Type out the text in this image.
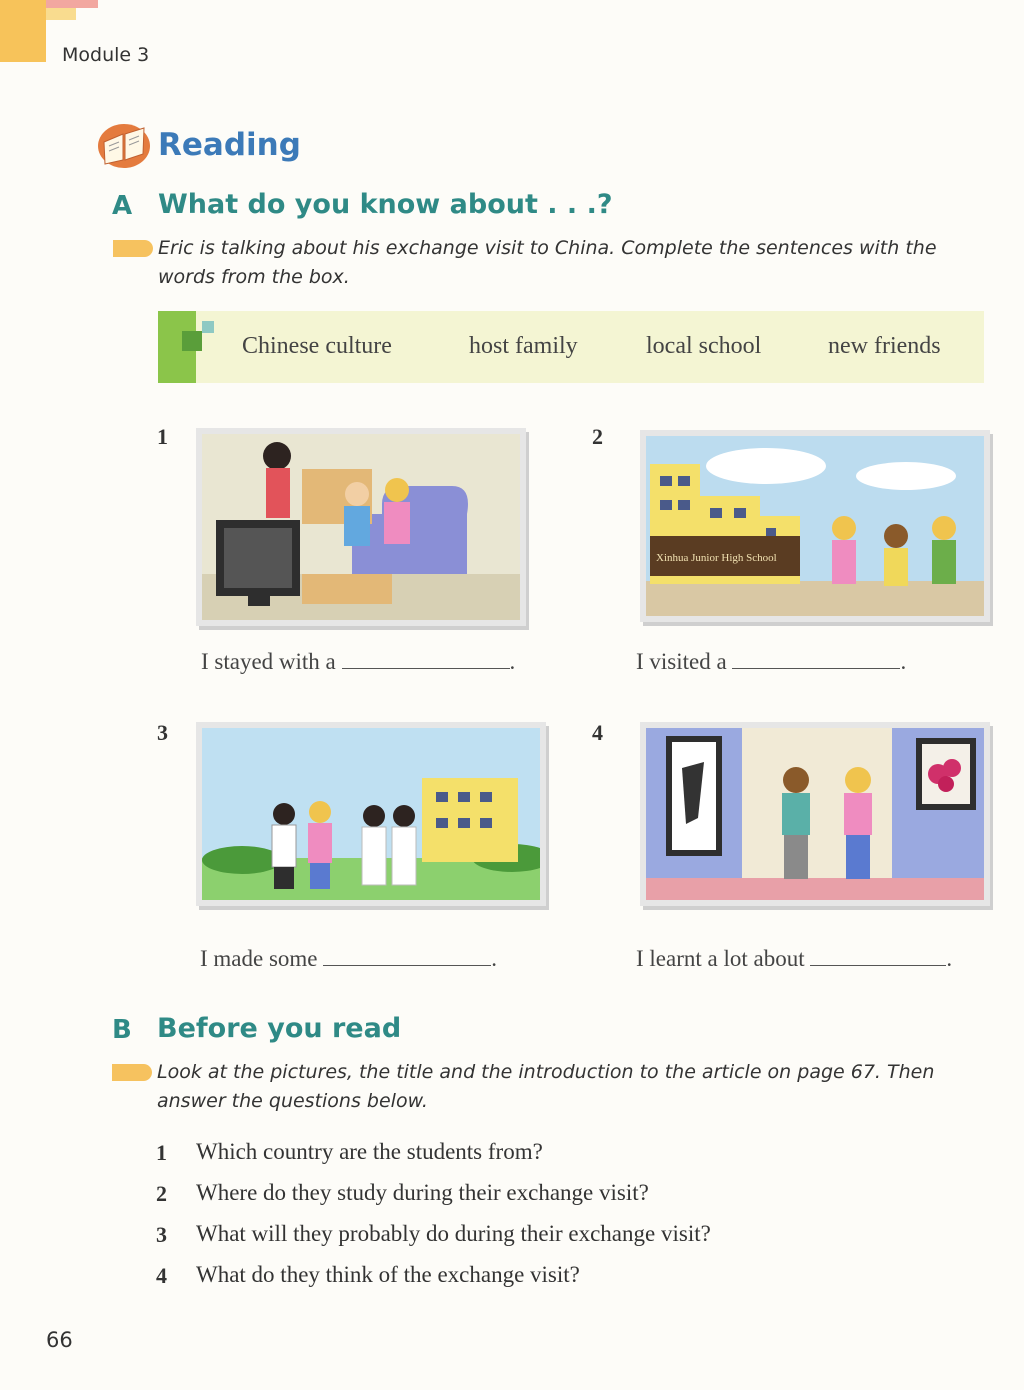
Module 3
Reading
A What do you know about . . .?
Eric is talking about his exchange visit to China. Complete the sentences with the
words from the box.
Chinese culture	host family	local school	new friends
1
I stayed with a	.
2
Xinhua Junior High School
I visited a	.
3
I made some	.
4
I learnt a lot about	.
B Before you read
Look at the pictures, the title and the introduction to the article on page 67. Then
answer the questions below.
1 Which country are the students from?
2 Where do they study during their exchange visit?
3 What will they probably do during their exchange visit?
4 What do they think of the exchange visit?
66
